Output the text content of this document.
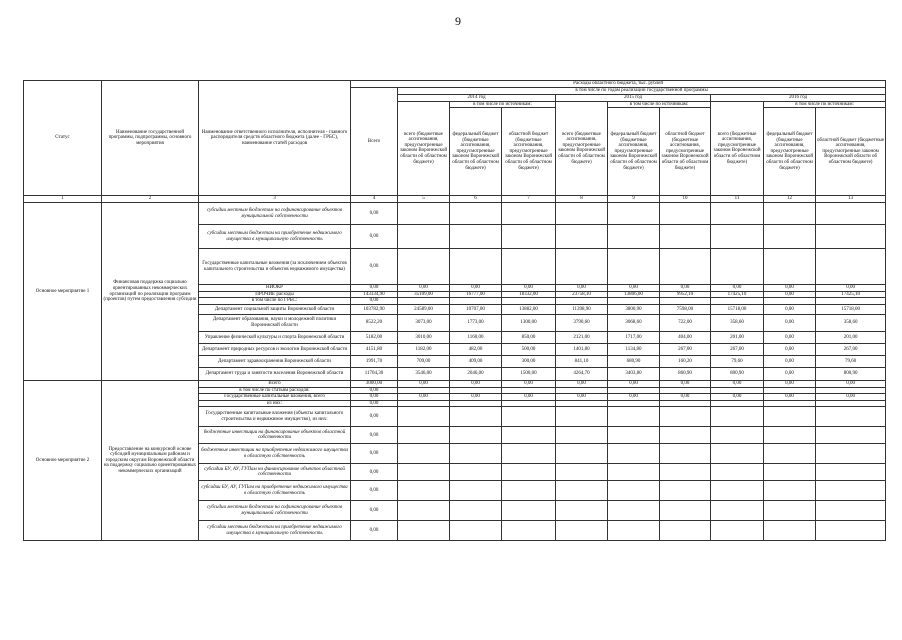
9
Статус	Наименование государственной программы, подпрограммы, основного мероприятия	Наименование ответственного исполнителя, исполнителя - главного распорядителя средств областного бюджета (далее - ГРБС), наименование статей расходов	Расходы областного бюджета, тыс. рублей									
			Всего	в том числе по годам реализации государственной программы								
				2014 год			2015 год			2016 год		
				всего (бюджетные ассигнования, предусмотренные законом Воронежской области об областном бюджете)	в том числе по источникам:		всего (бюджетные ассигнования, предусмотренные законом Воронежской области об областном бюджете)	в том числе по источникам:		всего (бюджетные ассигнования, предусмотренные законом Воронежской области об областном бюджете)	в том числе по источникам:	
					федеральный бюджет (бюджетные ассигнования, предусмотренные законом Воронежской области об областном бюджете)	областной бюджет (бюджетные ассигнования, предусмотренные законом Воронежской области об областном бюджете)		федеральный бюджет (бюджетные ассигнования, предусмотренные законом Воронежской области об областном бюджете)	областной бюджет (бюджетные ассигнования, предусмотренные законом Воронежской области об областном бюджете)		федеральный бюджет (бюджетные ассигнования, предусмотренные законом Воронежской области об областном бюджете)	областной бюджет (бюджетные ассигнования, предусмотренные законом Воронежской области об областном бюджете)
1	2	3	4	5	6	7	8	9	10	11	12	13
Основное мероприятие 1	Финансовая поддержка социально ориентированных некоммерческих организаций по реализации программ (проектов) путем предоставления субсидии	субсидии местным бюджетам на софинансирование объектов муниципальной собственности	0,00									
		субсидии местным бюджетам на приобретение недвижимого имущества в муниципальную собственность	0,00									
		Государственные капитальные вложения (за исключением объектов капитального строительства и объектов недвижимого имущества)	0,00									
		НИОКР	0,00	0,00	0,00	0,00	0,00	0,00	0,00	0,00	0,00	0,00
		ПРОЧИЕ расходы	143334,90	35109,00	16777,00	18332,00	23758,10	13806,00	9952,10	17425,10	0,00	17425,10
		в том числе по ГРБС:	0,00									
		Департамент социальной защиты Воронежской области	103782,90	24589,00	10707,00	13882,00	11398,90	3800,90	7598,00	15718,00	0,00	15718,00
		Департамент образования, науки и молодежной политики Воронежской области	8522,20	3073,00	1773,00	1300,00	3790,60	3068,60	722,00	358,60	0,00	358,60
		Управление физической культуры и спорта Воронежской области	5182,00	3010,00	1160,00	850,00	2121,00	1717,00	404,00	201,00	0,00	201,00
		Департамент природных ресурсов и экологии Воронежской области	4151,80	1182,00	482,00	500,00	1401,80	1134,80	267,00	267,00	0,00	267,00
		Департамент здравоохранения Воронежской области	1991,70	709,00	409,00	300,00	841,10	680,90	160,20	79,60	0,00	79,60
		Департамент труда и занятости населения Воронежской области	11704,30	3546,00	2046,00	1500,00	4264,70	3403,80	860,90	800,90	0,00	800,90
Основное мероприятие 2	Предоставление на конкурсной основе субсидий муниципальным районам и городским округам Воронежской области на поддержку социально ориентированных некоммерческих организаций	Всего	3000,00	0,00	0,00	0,00	0,00	0,00	0,00	0,00	0,00	0,00
		в том числе по статьям расходов:	0,00									
		Государственные капитальные вложения, всего	0,00	0,00	0,00	0,00	0,00	0,00	0,00	0,00	0,00	0,00
		из них:	0,00									
		Государственные капитальные вложения (объекты капитального строительства и недвижимое имущество), из них:	0,00									
		бюджетные инвестиции на финансирование объектов областной собственности	0,00									
		бюджетные инвестиции на приобретение недвижимого имущества в областную собственность	0,00									
		субсидии БУ, АУ, ГУПам на финансирование объектов областной собственности	0,00									
		субсидии БУ, АУ, ГУПам на приобретение недвижимого имущества в областную собственность	0,00									
		субсидии местным бюджетам на софинансирование объектов муниципальной собственности	0,00									
		субсидии местным бюджетам на приобретение недвижимого имущества в муниципальную собственность	0,00									
